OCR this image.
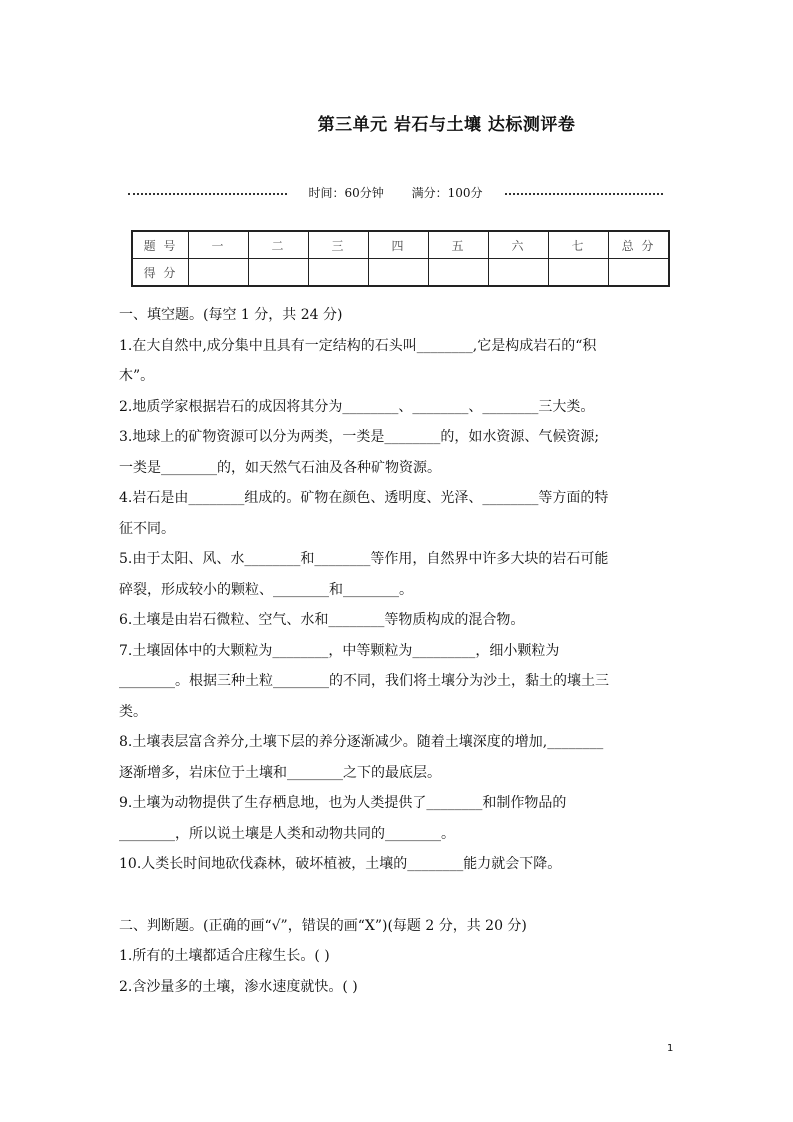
第三单元 岩石与土壤 达标测评卷
时间：60分钟 满分：100分
题 号	一	二	三	四	五	六	七	总 分
得 分								

一、填空题。(每空 1 分，共 24 分)

1.在大自然中,成分集中且具有一定结构的石头叫________,它是构成岩石的“积

木”。

2.地质学家根据岩石的成因将其分为________、________、________三大类。

3.地球上的矿物资源可以分为两类，一类是________的，如水资源、气候资源;

一类是________的，如天然气石油及各种矿物资源。

4.岩石是由________组成的。矿物在颜色、透明度、光泽、________等方面的特

征不同。

5.由于太阳、风、水________和________等作用，自然界中许多大块的岩石可能

碎裂，形成较小的颗粒、________和________。

6.土壤是由岩石微粒、空气、水和________等物质构成的混合物。

7.土壤固体中的大颗粒为________，中等颗粒为_________，细小颗粒为

________。根据三种土粒________的不同，我们将土壤分为沙土，黏土的壤土三

类。

8.土壤表层富含养分,土壤下层的养分逐渐减少。随着土壤深度的增加,________

逐渐增多，岩床位于土壤和________之下的最底层。

9.土壤为动物提供了生存栖息地，也为人类提供了________和制作物品的

________，所以说土壤是人类和动物共同的________。

10.人类长时间地砍伐森林，破坏植被，土壤的________能力就会下降。

二、判断题。(正确的画“√”，错误的画“X”)(每题 2 分，共 20 分)

1.所有的土壤都适合庄稼生长。( )

2.含沙量多的土壤，渗水速度就快。( )

1
